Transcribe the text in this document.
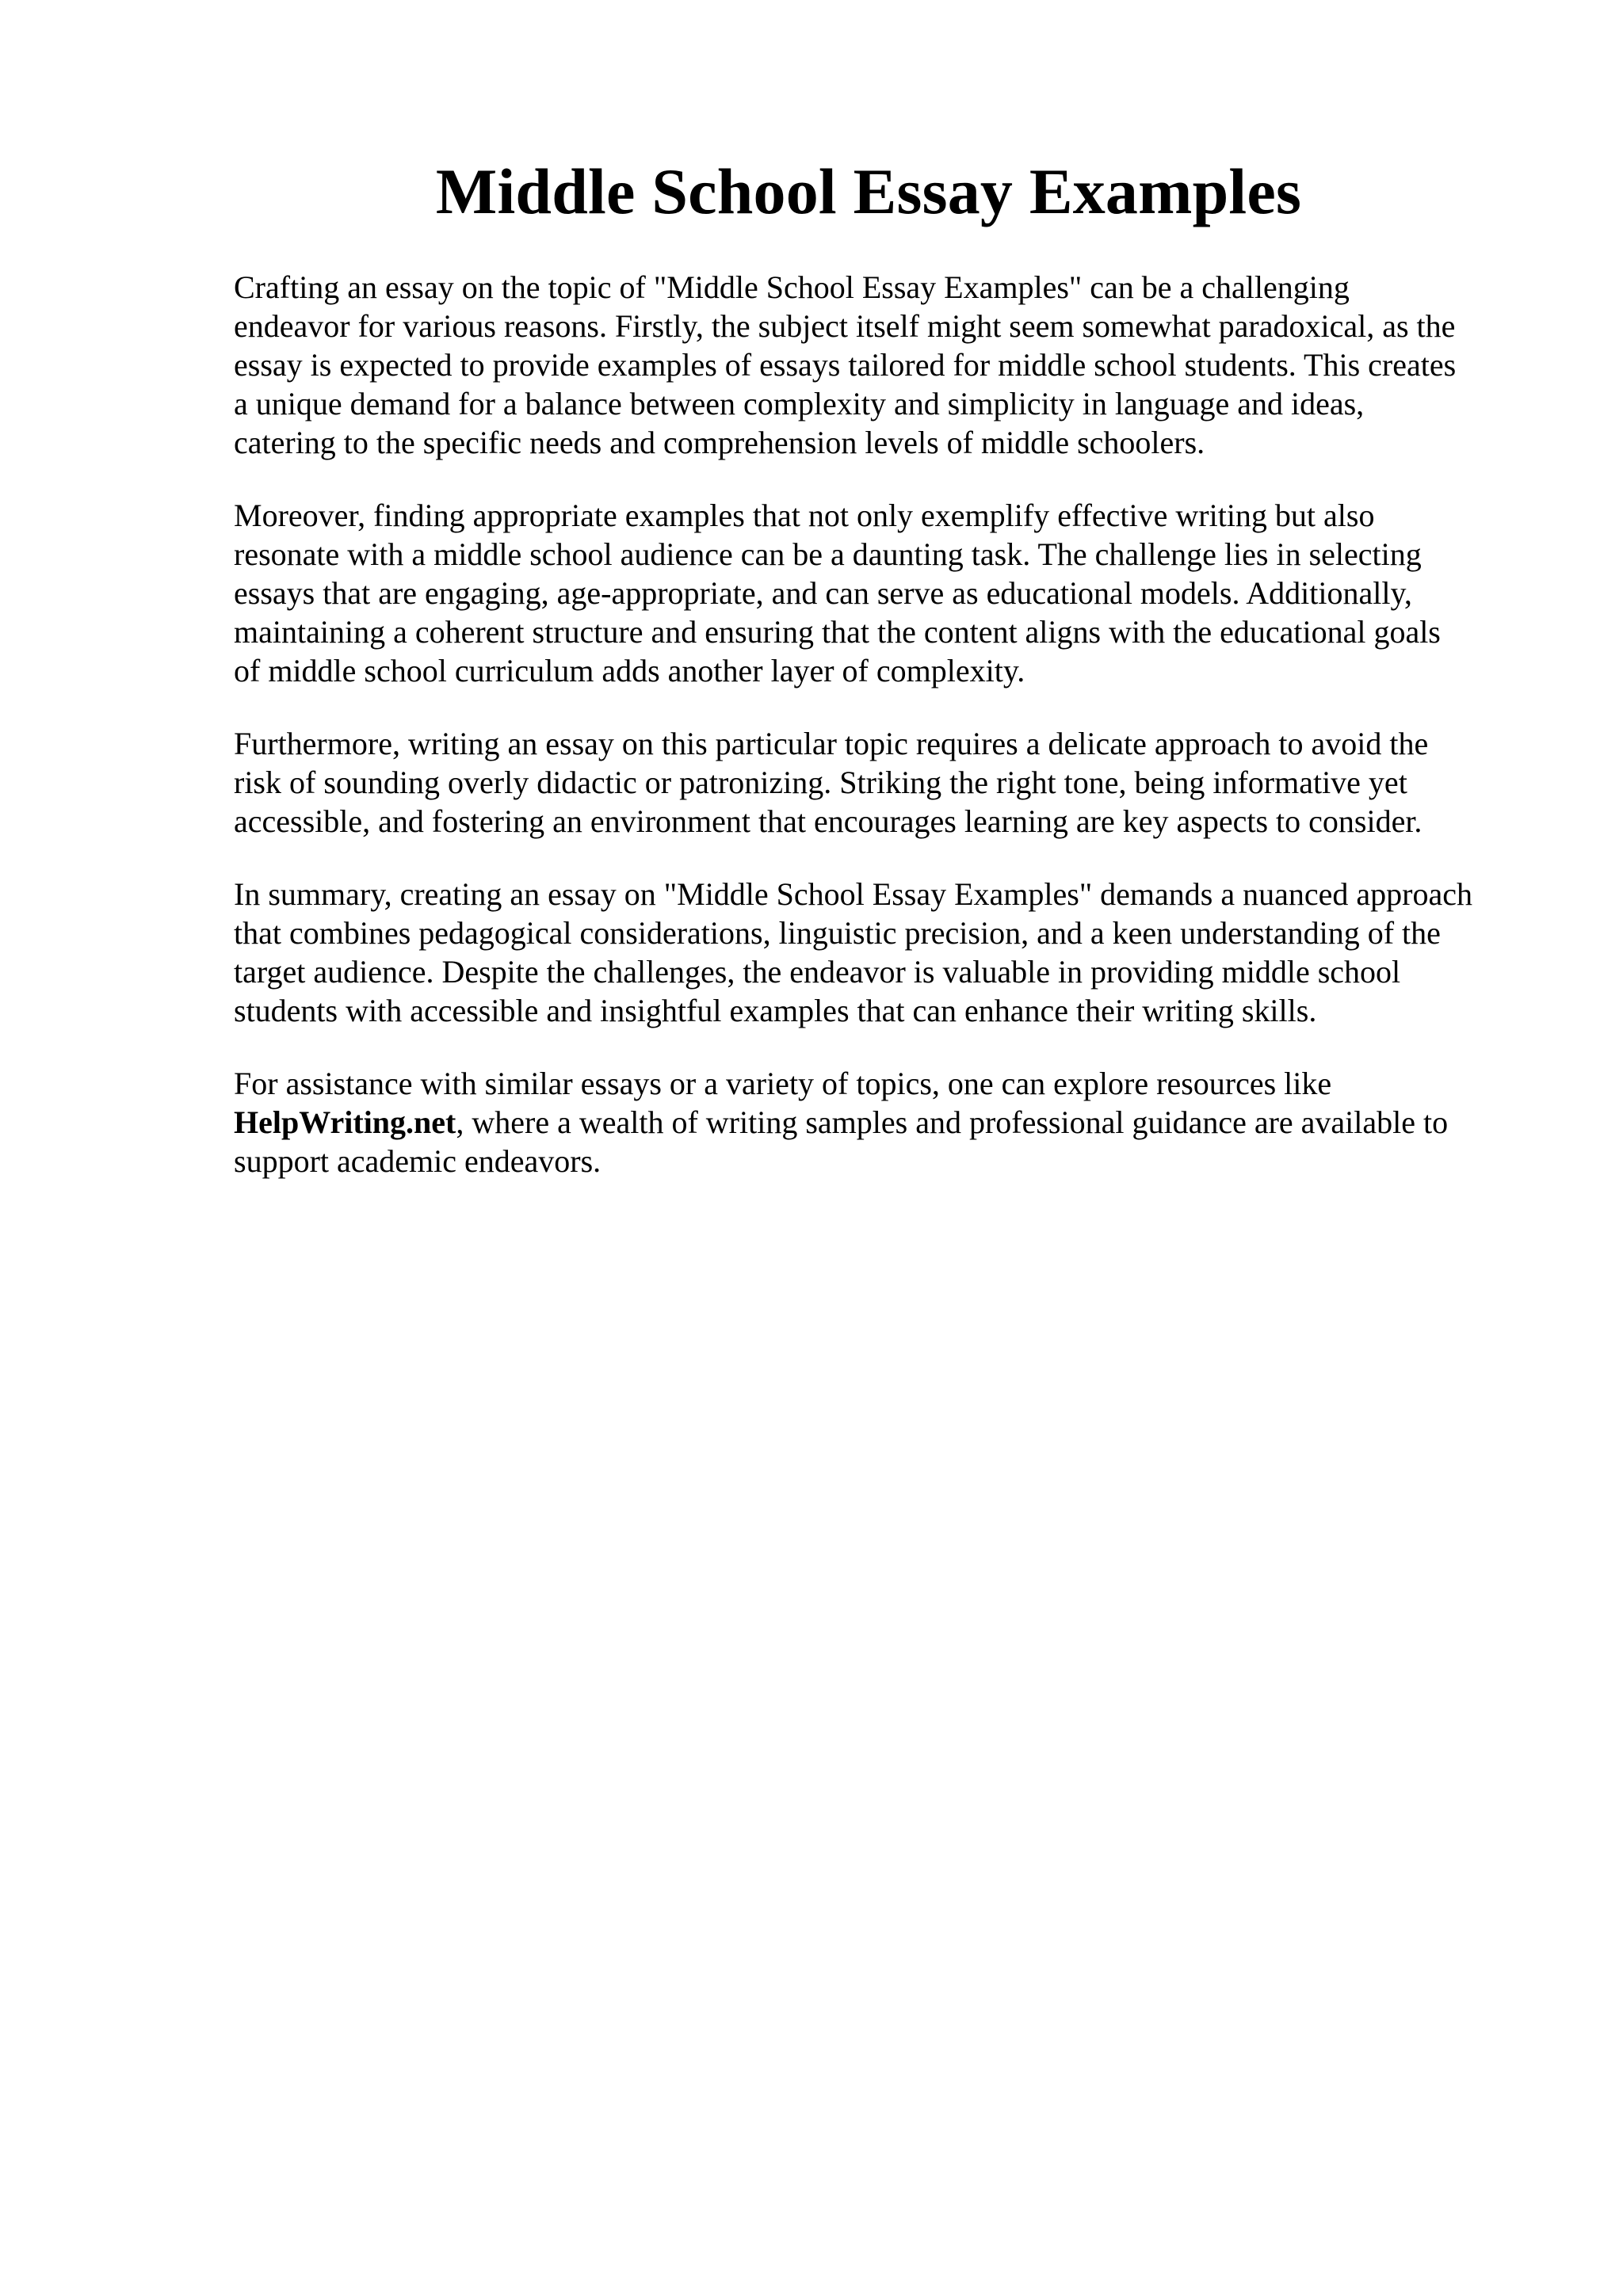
Middle School Essay Examples

Crafting an essay on the topic of "Middle School Essay Examples" can be a challenging
endeavor for various reasons. Firstly, the subject itself might seem somewhat paradoxical, as the
essay is expected to provide examples of essays tailored for middle school students. This creates
a unique demand for a balance between complexity and simplicity in language and ideas,
catering to the specific needs and comprehension levels of middle schoolers.

Moreover, finding appropriate examples that not only exemplify effective writing but also
resonate with a middle school audience can be a daunting task. The challenge lies in selecting
essays that are engaging, age-appropriate, and can serve as educational models. Additionally,
maintaining a coherent structure and ensuring that the content aligns with the educational goals
of middle school curriculum adds another layer of complexity.

Furthermore, writing an essay on this particular topic requires a delicate approach to avoid the
risk of sounding overly didactic or patronizing. Striking the right tone, being informative yet
accessible, and fostering an environment that encourages learning are key aspects to consider.

In summary, creating an essay on "Middle School Essay Examples" demands a nuanced approach
that combines pedagogical considerations, linguistic precision, and a keen understanding of the
target audience. Despite the challenges, the endeavor is valuable in providing middle school
students with accessible and insightful examples that can enhance their writing skills.

For assistance with similar essays or a variety of topics, one can explore resources like
HelpWriting.net, where a wealth of writing samples and professional guidance are available to
support academic endeavors.
